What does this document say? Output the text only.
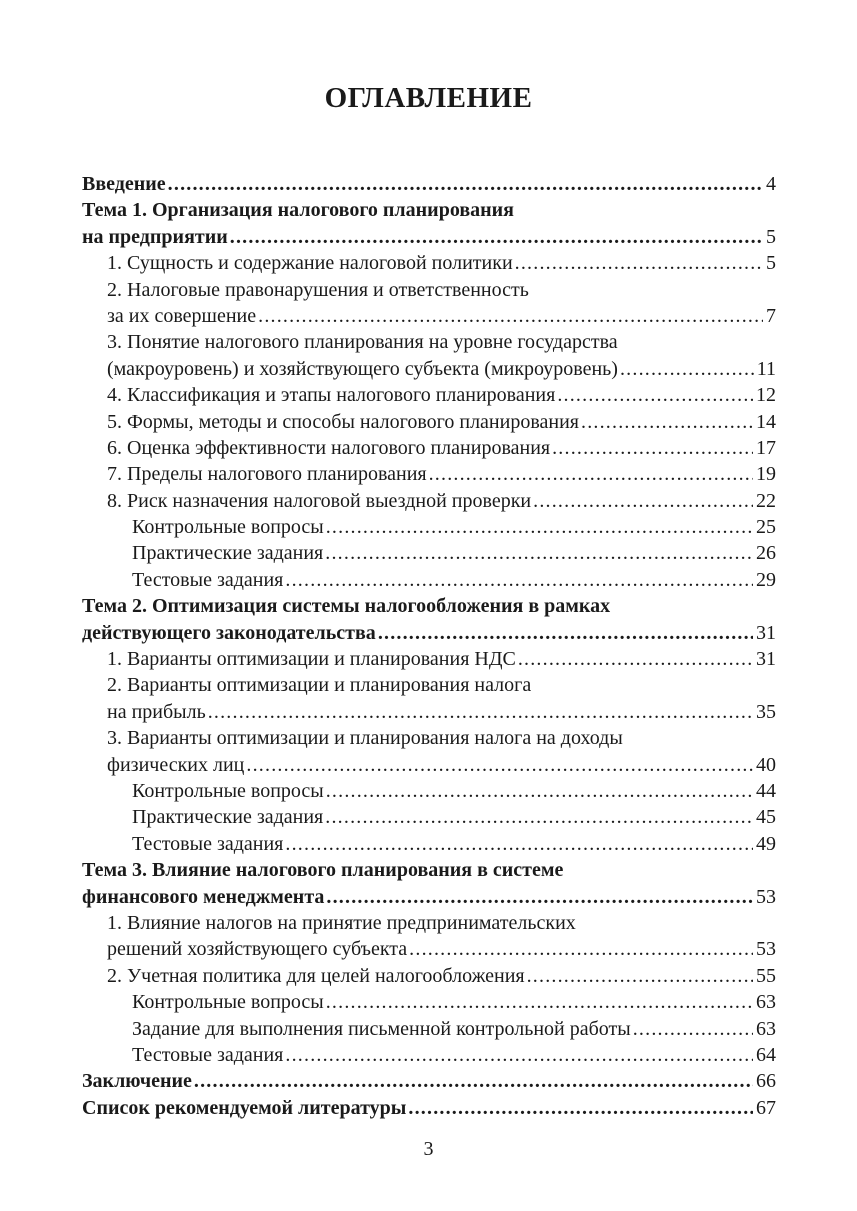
ОГЛАВЛЕНИЕ
Введение .....	4
Тема 1. Организация налогового планирования
на предприятии .....	5
1. Сущность и содержание налоговой политики .....	5
2. Налоговые правонарушения и ответственность
за их совершение .....	7
3. Понятие налогового планирования на уровне государства
(макроуровень) и хозяйствующего субъекта (микроуровень) .....	11
4. Классификация и этапы налогового планирования .....	12
5. Формы, методы и способы налогового планирования .....	14
6. Оценка эффективности налогового планирования .....	17
7. Пределы налогового планирования .....	19
8. Риск назначения налоговой выездной проверки .....	22
Контрольные вопросы .....	25
Практические задания .....	26
Тестовые задания .....	29
Тема 2. Оптимизация системы налогообложения в рамках
действующего законодательства .....	31
1. Варианты оптимизации и планирования НДС .....	31
2. Варианты оптимизации и планирования налога
на прибыль .....	35
3. Варианты оптимизации и планирования налога на доходы
физических лиц .....	40
Контрольные вопросы .....	44
Практические задания .....	45
Тестовые задания .....	49
Тема 3. Влияние налогового планирования в системе
финансового менеджмента .....	53
1. Влияние налогов на принятие предпринимательских
решений хозяйствующего субъекта .....	53
2. Учетная политика для целей налогообложения .....	55
Контрольные вопросы .....	63
Задание для выполнения письменной контрольной работы .....	63
Тестовые задания .....	64
Заключение .....	66
Список рекомендуемой литературы .....	67
3
